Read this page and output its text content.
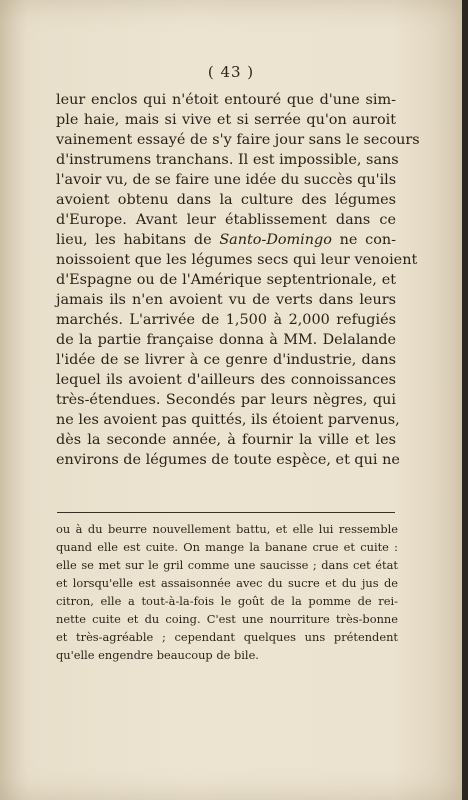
( 43 )
leur enclos qui n'étoit entouré que d'une sim-
ple haie, mais si vive et si serrée qu'on auroit
vainement essayé de s'y faire jour sans le secours
d'instrumens tranchans. Il est impossible, sans
l'avoir vu, de se faire une idée du succès qu'ils
avoient obtenu dans la culture des légumes
d'Europe. Avant leur établissement dans ce
lieu, les habitans de Santo-Domingo ne con-
noissoient que les légumes secs qui leur venoient
d'Espagne ou de l'Amérique septentrionale, et
jamais ils n'en avoient vu de verts dans leurs
marchés. L'arrivée de 1,500 à 2,000 refugiés
de la partie française donna à MM. Delalande
l'idée de se livrer à ce genre d'industrie, dans
lequel ils avoient d'ailleurs des connoissances
très-étendues. Secondés par leurs nègres, qui
ne les avoient pas quittés, ils étoient parvenus,
dès la seconde année, à fournir la ville et les
environs de légumes de toute espèce, et qui ne
ou à du beurre nouvellement battu, et elle lui ressemble
quand elle est cuite. On mange la banane crue et cuite :
elle se met sur le gril comme une saucisse ; dans cet état
et lorsqu'elle est assaisonnée avec du sucre et du jus de
citron, elle a tout-à-la-fois le goût de la pomme de rei-
nette cuite et du coing. C'est une nourriture très-bonne
et très-agréable ; cependant quelques uns prétendent
qu'elle engendre beaucoup de bile.
